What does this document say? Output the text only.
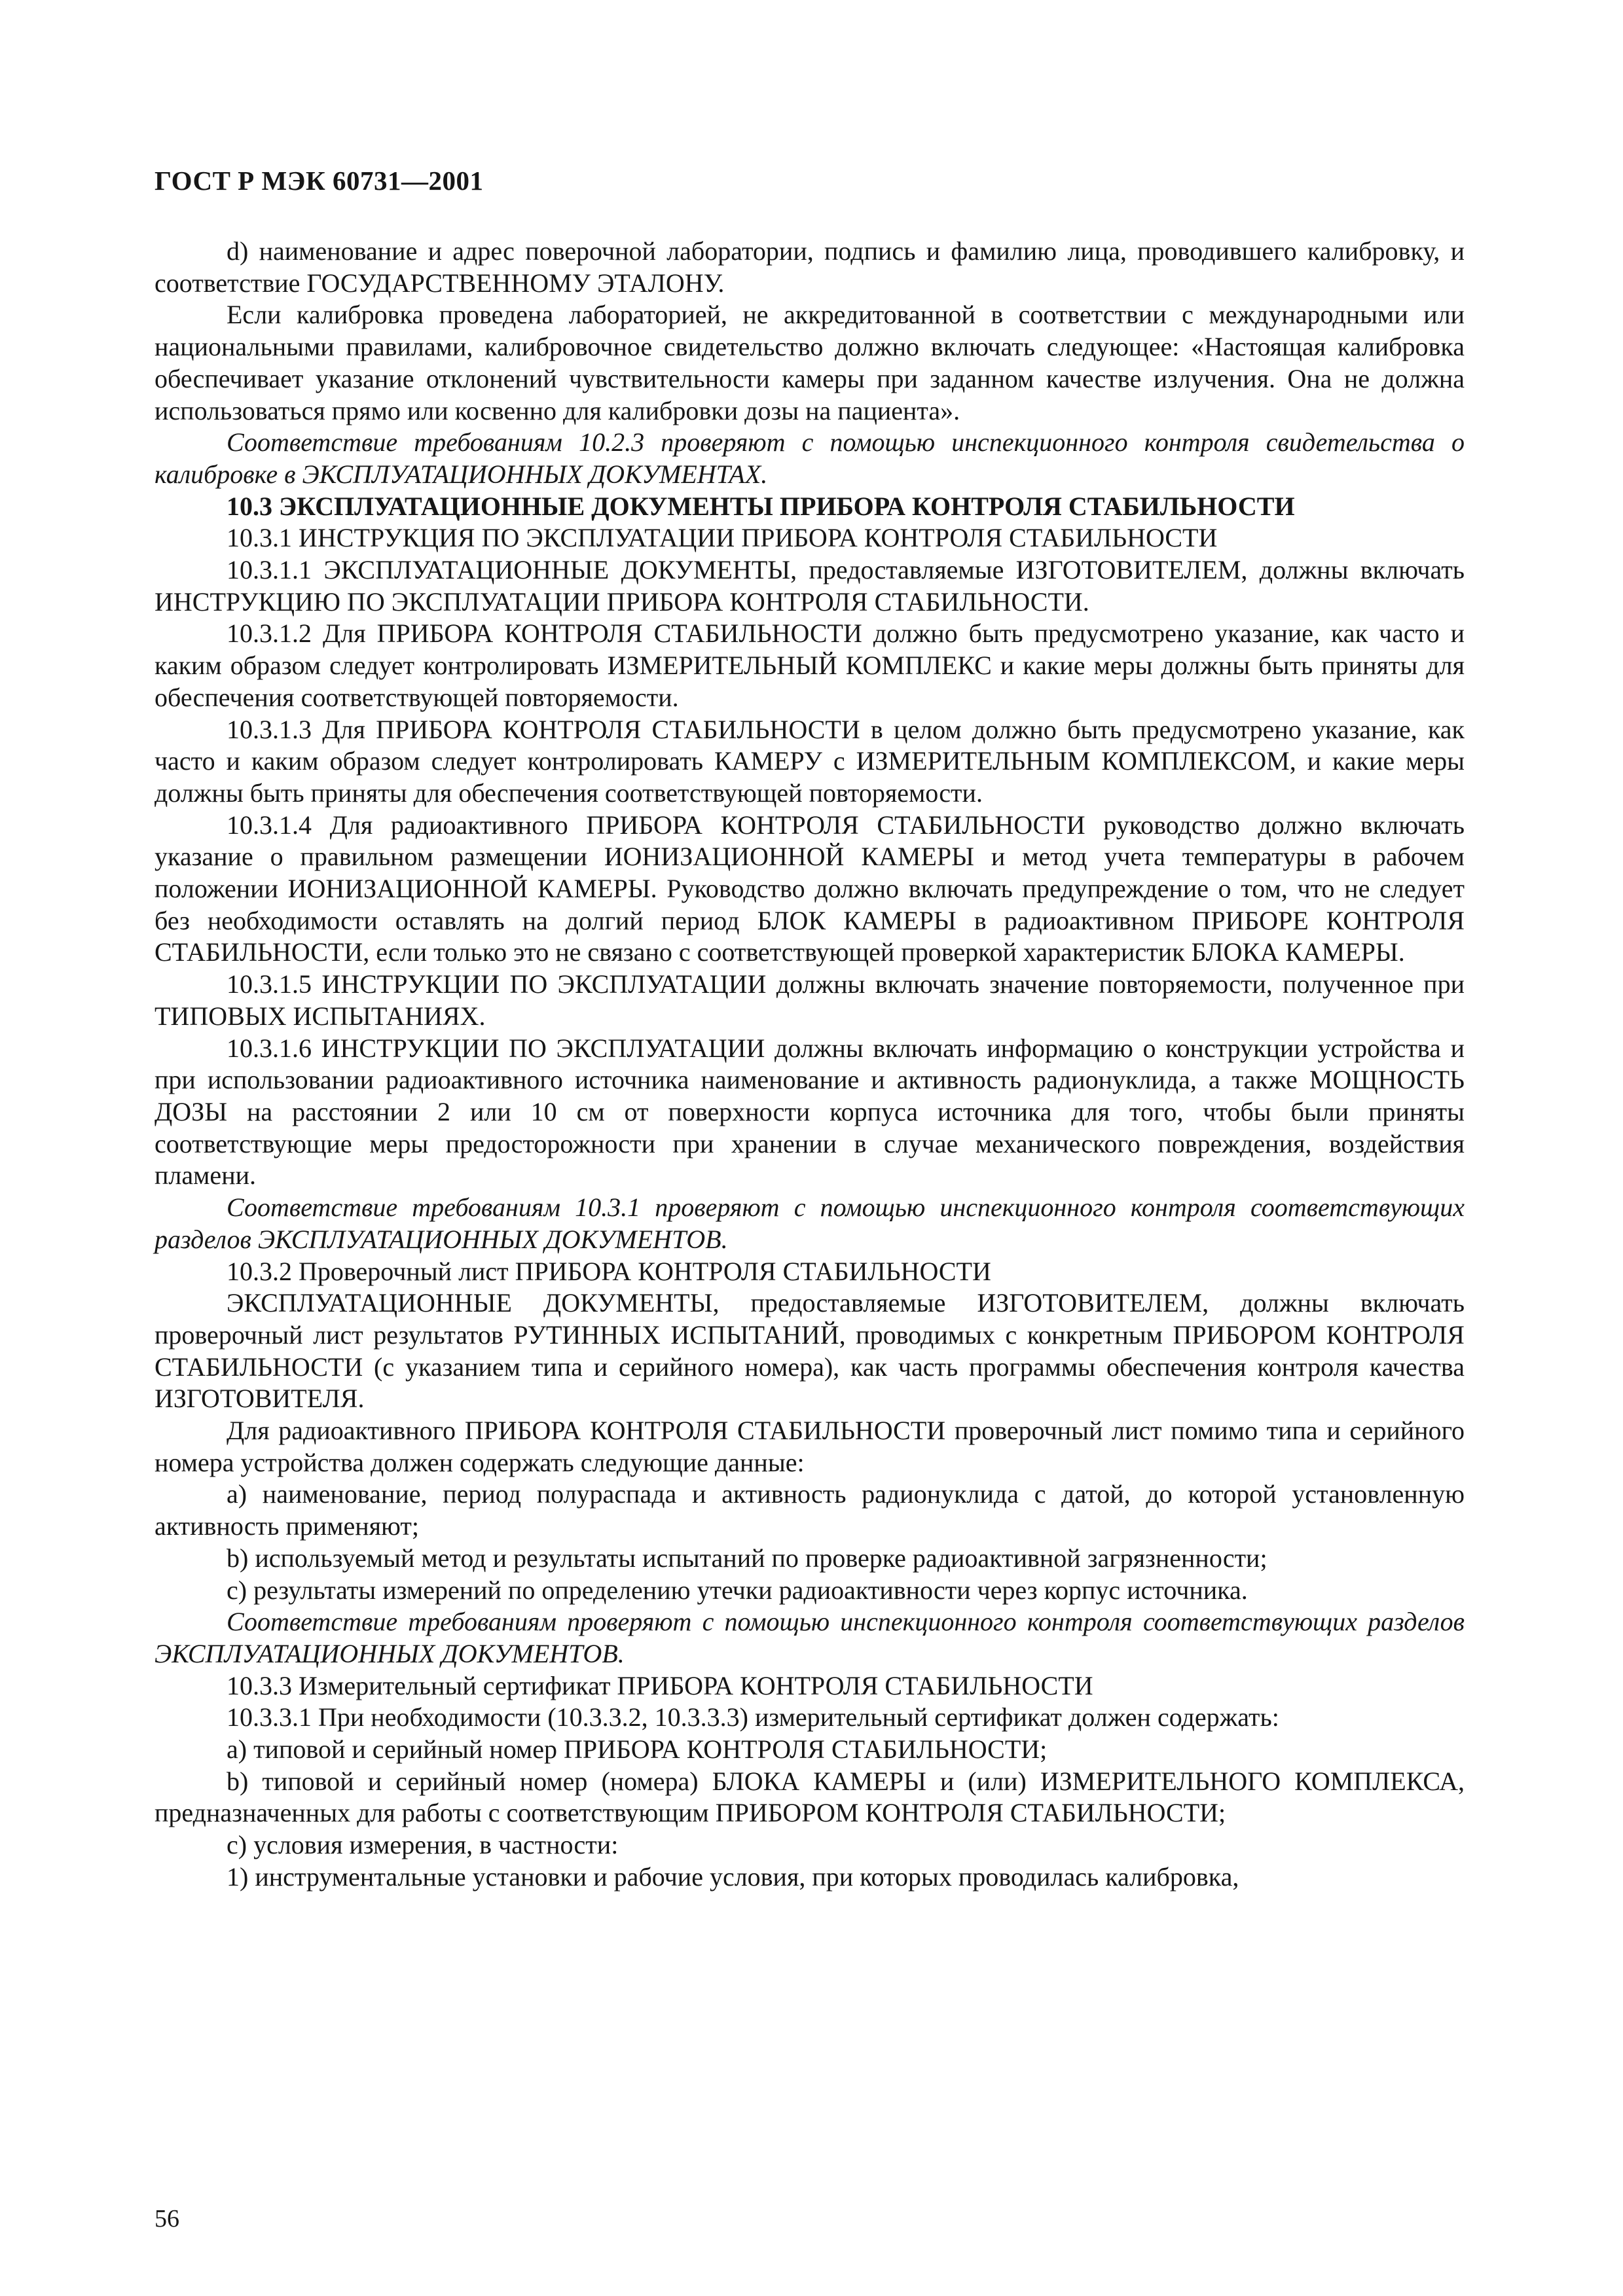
ГОСТ Р МЭК 60731—2001

d) наименование и адрес поверочной лаборатории, подпись и фамилию лица, проводившего калибровку, и соответствие ГОСУДАРСТВЕННОМУ ЭТАЛОНУ.

Если калибровка проведена лабораторией, не аккредитованной в соответствии с международными или национальными правилами, калибровочное свидетельство должно включать следующее: «Настоящая калибровка обеспечивает указание отклонений чувствительности камеры при заданном качестве излучения. Она не должна использоваться прямо или косвенно для калибровки дозы на пациента».

Соответствие требованиям 10.2.3 проверяют с помощью инспекционного контроля свидетельства о калибровке в ЭКСПЛУАТАЦИОННЫХ ДОКУМЕНТАХ.

10.3 ЭКСПЛУАТАЦИОННЫЕ ДОКУМЕНТЫ ПРИБОРА КОНТРОЛЯ СТАБИЛЬНОСТИ

10.3.1 ИНСТРУКЦИЯ ПО ЭКСПЛУАТАЦИИ ПРИБОРА КОНТРОЛЯ СТАБИЛЬНОСТИ

10.3.1.1 ЭКСПЛУАТАЦИОННЫЕ ДОКУМЕНТЫ, предоставляемые ИЗГОТОВИТЕЛЕМ, должны включать ИНСТРУКЦИЮ ПО ЭКСПЛУАТАЦИИ ПРИБОРА КОНТРОЛЯ СТАБИЛЬНОСТИ.

10.3.1.2 Для ПРИБОРА КОНТРОЛЯ СТАБИЛЬНОСТИ должно быть предусмотрено указание, как часто и каким образом следует контролировать ИЗМЕРИТЕЛЬНЫЙ КОМПЛЕКС и какие меры должны быть приняты для обеспечения соответствующей повторяемости.

10.3.1.3 Для ПРИБОРА КОНТРОЛЯ СТАБИЛЬНОСТИ в целом должно быть предусмотрено указание, как часто и каким образом следует контролировать КАМЕРУ с ИЗМЕРИТЕЛЬНЫМ КОМПЛЕКСОМ, и какие меры должны быть приняты для обеспечения соответствующей повторяемости.

10.3.1.4 Для радиоактивного ПРИБОРА КОНТРОЛЯ СТАБИЛЬНОСТИ руководство должно включать указание о правильном размещении ИОНИЗАЦИОННОЙ КАМЕРЫ и метод учета температуры в рабочем положении ИОНИЗАЦИОННОЙ КАМЕРЫ. Руководство должно включать предупреждение о том, что не следует без необходимости оставлять на долгий период БЛОК КАМЕРЫ в радиоактивном ПРИБОРЕ КОНТРОЛЯ СТАБИЛЬНОСТИ, если только это не связано с соответствующей проверкой характеристик БЛОКА КАМЕРЫ.

10.3.1.5 ИНСТРУКЦИИ ПО ЭКСПЛУАТАЦИИ должны включать значение повторяемости, полученное при ТИПОВЫХ ИСПЫТАНИЯХ.

10.3.1.6 ИНСТРУКЦИИ ПО ЭКСПЛУАТАЦИИ должны включать информацию о конструкции устройства и при использовании радиоактивного источника наименование и активность радионуклида, а также МОЩНОСТЬ ДОЗЫ на расстоянии 2 или 10 см от поверхности корпуса источника для того, чтобы были приняты соответствующие меры предосторожности при хранении в случае механического повреждения, воздействия пламени.

Соответствие требованиям 10.3.1 проверяют с помощью инспекционного контроля соответствующих разделов ЭКСПЛУАТАЦИОННЫХ ДОКУМЕНТОВ.

10.3.2 Проверочный лист ПРИБОРА КОНТРОЛЯ СТАБИЛЬНОСТИ

ЭКСПЛУАТАЦИОННЫЕ ДОКУМЕНТЫ, предоставляемые ИЗГОТОВИТЕЛЕМ, должны включать проверочный лист результатов РУТИННЫХ ИСПЫТАНИЙ, проводимых с конкретным ПРИБОРОМ КОНТРОЛЯ СТАБИЛЬНОСТИ (с указанием типа и серийного номера), как часть программы обеспечения контроля качества ИЗГОТОВИТЕЛЯ.

Для радиоактивного ПРИБОРА КОНТРОЛЯ СТАБИЛЬНОСТИ проверочный лист помимо типа и серийного номера устройства должен содержать следующие данные:

a) наименование, период полураспада и активность радионуклида с датой, до которой установленную активность применяют;

b) используемый метод и результаты испытаний по проверке радиоактивной загрязненности;

c) результаты измерений по определению утечки радиоактивности через корпус источника.

Соответствие требованиям проверяют с помощью инспекционного контроля соответствующих разделов ЭКСПЛУАТАЦИОННЫХ ДОКУМЕНТОВ.

10.3.3 Измерительный сертификат ПРИБОРА КОНТРОЛЯ СТАБИЛЬНОСТИ

10.3.3.1 При необходимости (10.3.3.2, 10.3.3.3) измерительный сертификат должен содержать:

a) типовой и серийный номер ПРИБОРА КОНТРОЛЯ СТАБИЛЬНОСТИ;

b) типовой и серийный номер (номера) БЛОКА КАМЕРЫ и (или) ИЗМЕРИТЕЛЬНОГО КОМПЛЕКСА, предназначенных для работы с соответствующим ПРИБОРОМ КОНТРОЛЯ СТАБИЛЬНОСТИ;

c) условия измерения, в частности:

1) инструментальные установки и рабочие условия, при которых проводилась калибровка,

56
